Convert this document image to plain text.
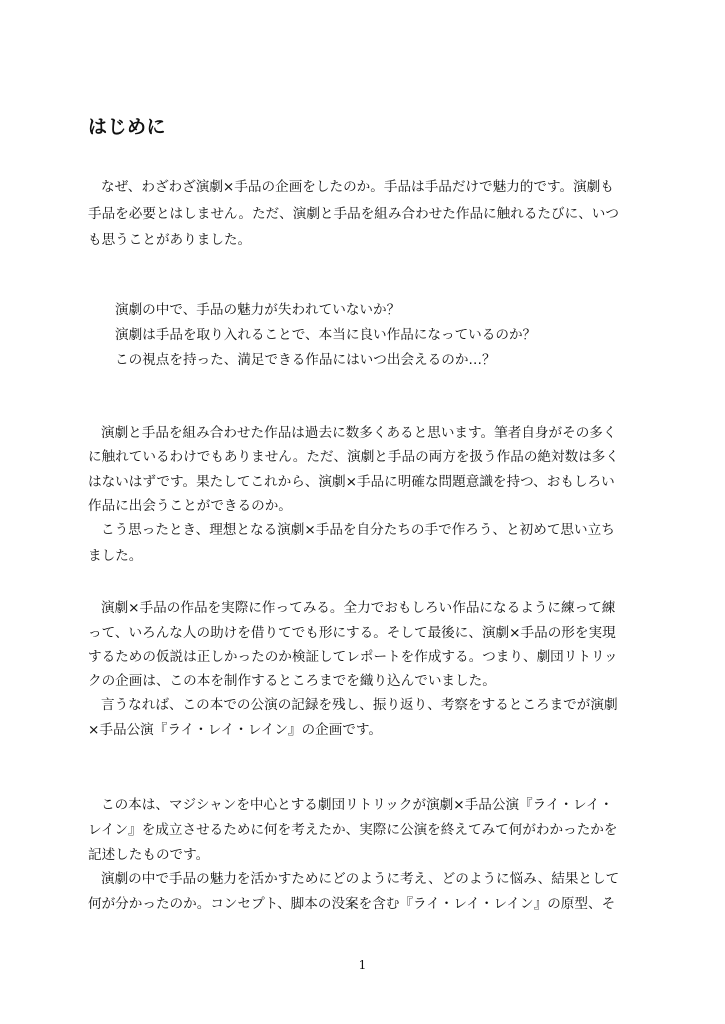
はじめに
なぜ、わざわざ演劇×手品の企画をしたのか。手品は手品だけで魅力的です。演劇も
手品を必要とはしません。ただ、演劇と手品を組み合わせた作品に触れるたびに、いつ
も思うことがありました。
演劇の中で、手品の魅力が失われていないか？
演劇は手品を取り入れることで、本当に良い作品になっているのか？
この視点を持った、満足できる作品にはいつ出会えるのか…？
演劇と手品を組み合わせた作品は過去に数多くあると思います。筆者自身がその多く
に触れているわけでもありません。ただ、演劇と手品の両方を扱う作品の絶対数は多く
はないはずです。果たしてこれから、演劇×手品に明確な問題意識を持つ、おもしろい
作品に出会うことができるのか。
こう思ったとき、理想となる演劇×手品を自分たちの手で作ろう、と初めて思い立ち
ました。
演劇×手品の作品を実際に作ってみる。全力でおもしろい作品になるように練って練
って、いろんな人の助けを借りてでも形にする。そして最後に、演劇×手品の形を実現
するための仮説は正しかったのか検証してレポートを作成する。つまり、劇団リトリッ
クの企画は、この本を制作するところまでを織り込んでいました。
言うなれば、この本での公演の記録を残し、振り返り、考察をするところまでが演劇
×手品公演『ライ・レイ・レイン』の企画です。
この本は、マジシャンを中心とする劇団リトリックが演劇×手品公演『ライ・レイ・
レイン』を成立させるために何を考えたか、実際に公演を終えてみて何がわかったかを
記述したものです。
演劇の中で手品の魅力を活かすためにどのように考え、どのように悩み、結果として
何が分かったのか。コンセプト、脚本の没案を含む『ライ・レイ・レイン』の原型、そ
1
